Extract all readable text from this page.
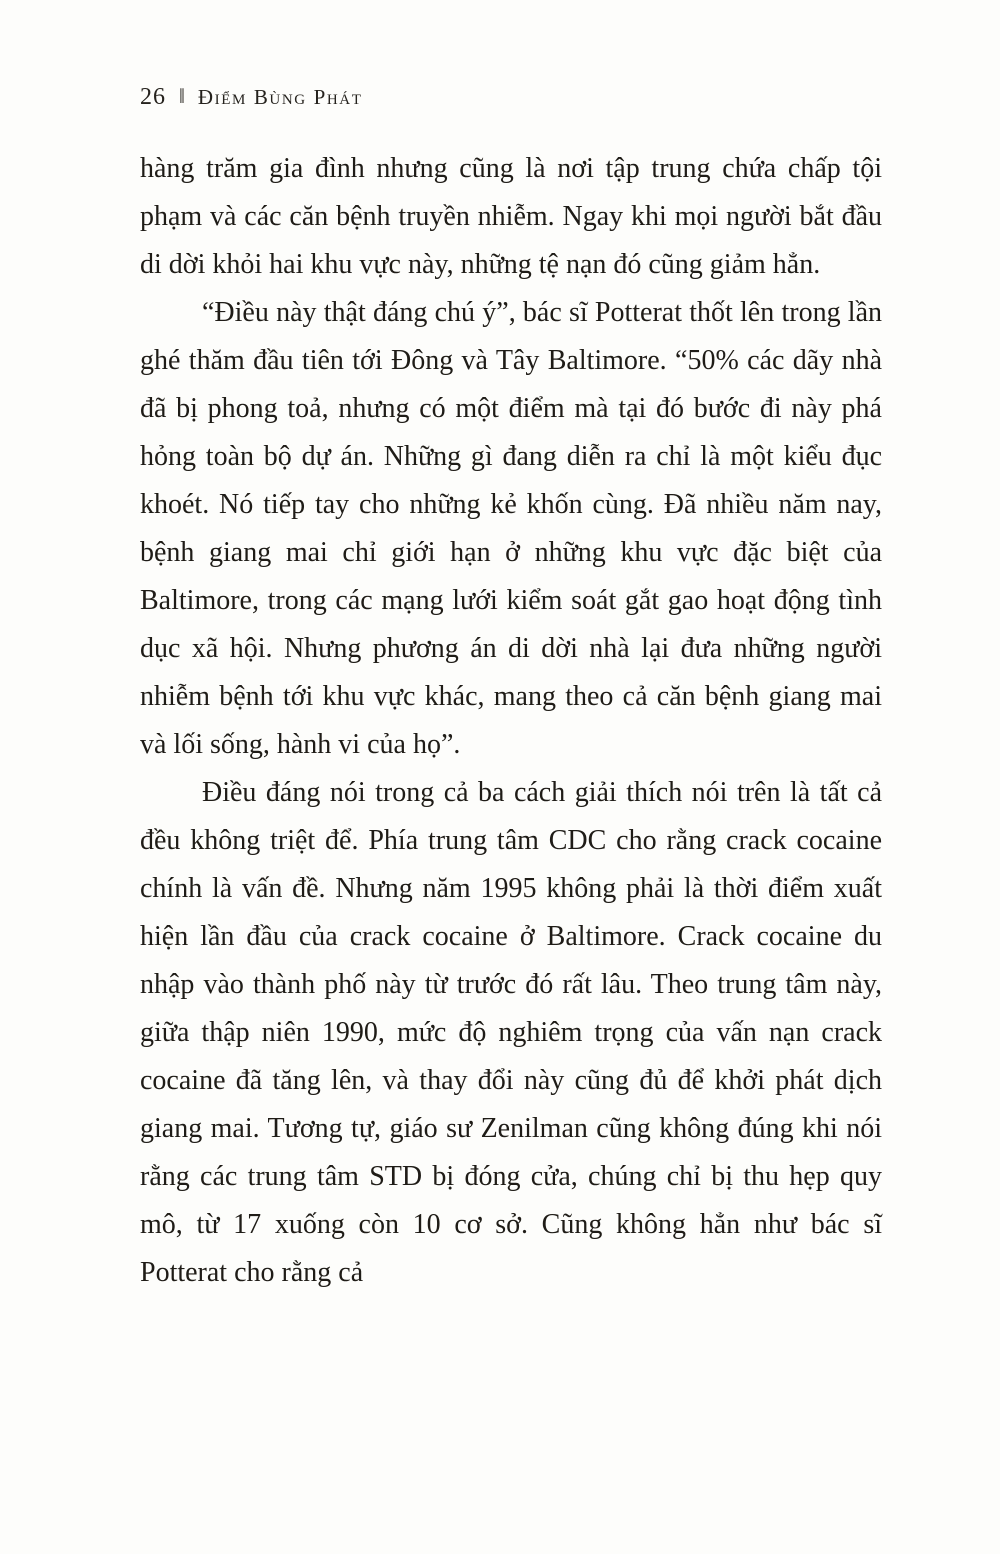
26 ‖ Điểm Bùng Phát

hàng trăm gia đình nhưng cũng là nơi tập trung chứa chấp tội phạm và các căn bệnh truyền nhiễm. Ngay khi mọi người bắt đầu di dời khỏi hai khu vực này, những tệ nạn đó cũng giảm hẳn.

“Điều này thật đáng chú ý”, bác sĩ Potterat thốt lên trong lần ghé thăm đầu tiên tới Đông và Tây Baltimore. “50% các dãy nhà đã bị phong toả, nhưng có một điểm mà tại đó bước đi này phá hỏng toàn bộ dự án. Những gì đang diễn ra chỉ là một kiểu đục khoét. Nó tiếp tay cho những kẻ khốn cùng. Đã nhiều năm nay, bệnh giang mai chỉ giới hạn ở những khu vực đặc biệt của Baltimore, trong các mạng lưới kiểm soát gắt gao hoạt động tình dục xã hội. Nhưng phương án di dời nhà lại đưa những người nhiễm bệnh tới khu vực khác, mang theo cả căn bệnh giang mai và lối sống, hành vi của họ”.

Điều đáng nói trong cả ba cách giải thích nói trên là tất cả đều không triệt để. Phía trung tâm CDC cho rằng crack cocaine chính là vấn đề. Nhưng năm 1995 không phải là thời điểm xuất hiện lần đầu của crack cocaine ở Baltimore. Crack cocaine du nhập vào thành phố này từ trước đó rất lâu. Theo trung tâm này, giữa thập niên 1990, mức độ nghiêm trọng của vấn nạn crack cocaine đã tăng lên, và thay đổi này cũng đủ để khởi phát dịch giang mai. Tương tự, giáo sư Zenilman cũng không đúng khi nói rằng các trung tâm STD bị đóng cửa, chúng chỉ bị thu hẹp quy mô, từ 17 xuống còn 10 cơ sở. Cũng không hẳn như bác sĩ Potterat cho rằng cả
